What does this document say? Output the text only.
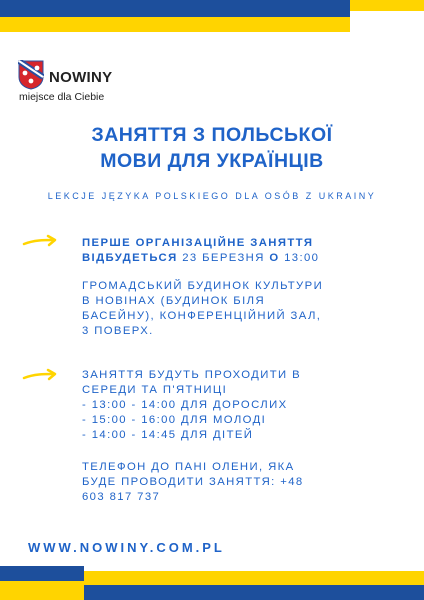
NOWINY
miejsce dla Ciebie
ЗАНЯТТЯ З ПОЛЬСЬКОЇ
МОВИ ДЛЯ УКРАЇНЦІВ
LEKCJE JĘZYKA POLSKIEGO DLA OSÓB Z UKRAINY
ПЕРШЕ ОРГАНІЗАЦІЙНЕ ЗАНЯТТЯ
ВІДБУДЕТЬСЯ 23 БЕРЕЗНЯ О 13:00
ГРОМАДСЬКИЙ БУДИНОК КУЛЬТУРИ
В НОВІНАХ (БУДИНОК БІЛЯ
БАСЕЙНУ), КОНФЕРЕНЦІЙНИЙ ЗАЛ,
3 ПОВЕРХ.
ЗАНЯТТЯ БУДУТЬ ПРОХОДИТИ В
СЕРЕДИ ТА П'ЯТНИЦІ
- 13:00 - 14:00 ДЛЯ ДОРОСЛИХ
- 15:00 - 16:00 ДЛЯ МОЛОДІ
- 14:00 - 14:45 ДЛЯ ДІТЕЙ
ТЕЛЕФОН ДО ПАНІ ОЛЕНИ, ЯКА
БУДЕ ПРОВОДИТИ ЗАНЯТТЯ: +48
603 817 737
WWW.NOWINY.COM.PL
